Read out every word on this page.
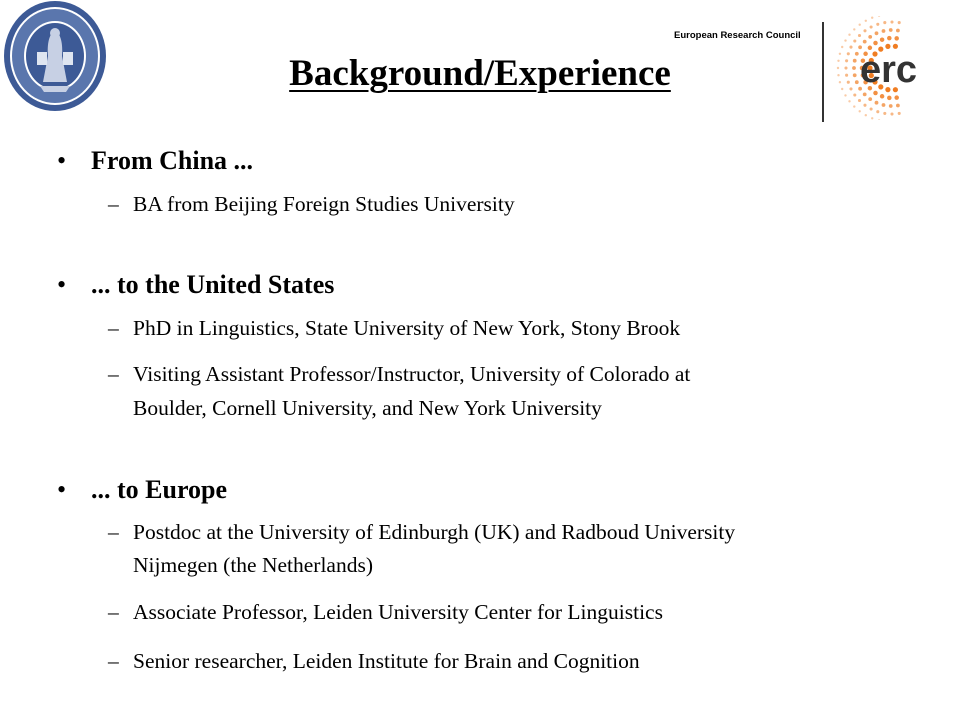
European Research Council
erc
Background/Experience
• From China ...
– BA from Beijing Foreign Studies University
• ... to the United States
– PhD in Linguistics, State University of New York, Stony Brook
– Visiting Assistant Professor/Instructor, University of Colorado at
Boulder, Cornell University, and New York University
• ... to Europe
– Postdoc at the University of Edinburgh (UK) and Radboud University
Nijmegen (the Netherlands)
– Associate Professor, Leiden University Center for Linguistics
– Senior researcher, Leiden Institute for Brain and Cognition
